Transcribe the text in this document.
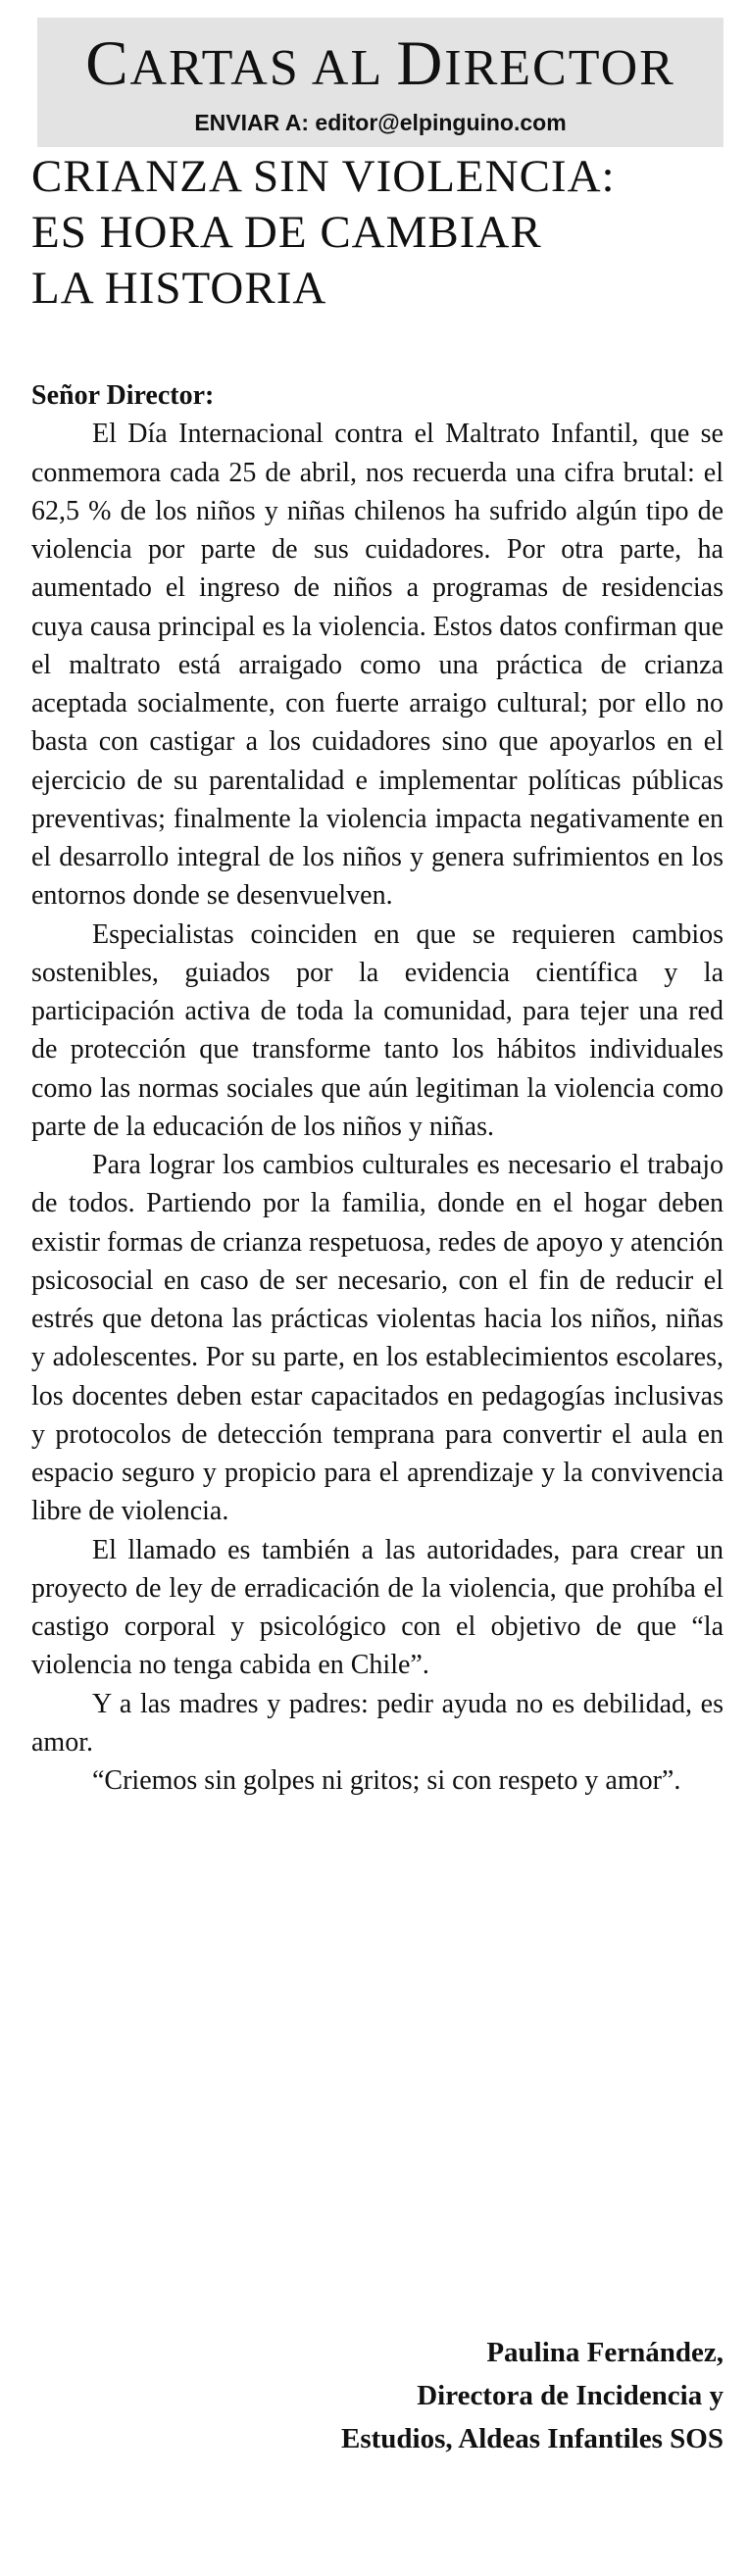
CARTAS AL DIRECTOR
ENVIAR A: editor@elpinguino.com
CRIANZA SIN VIOLENCIA:
ES HORA DE CAMBIAR
LA HISTORIA

Señor Director:

El Día Internacional contra el Maltrato Infantil, que se conmemora cada 25 de abril, nos recuerda una cifra brutal: el 62,5 % de los niños y niñas chilenos ha sufrido algún tipo de violencia por parte de sus cuidadores. Por otra parte, ha aumentado el ingreso de niños a programas de residencias cuya causa principal es la violencia. Estos datos confirman que el maltrato está arraigado como una práctica de crianza aceptada socialmente, con fuerte arraigo cultural; por ello no basta con castigar a los cuidadores sino que apoyarlos en el ejercicio de su parentalidad e implementar políticas públicas preventivas; finalmente la violencia impacta negativamente en el desarrollo integral de los niños y genera sufrimientos en los entornos donde se desenvuelven.

Especialistas coinciden en que se requieren cambios sostenibles, guiados por la evidencia científica y la participación activa de toda la comunidad, para tejer una red de protección que transforme tanto los hábitos individuales como las normas sociales que aún legitiman la violencia como parte de la educación de los niños y niñas.

Para lograr los cambios culturales es necesario el trabajo de todos. Partiendo por la familia, donde en el hogar deben existir formas de crianza respetuosa, redes de apoyo y atención psicosocial en caso de ser necesario, con el fin de reducir el estrés que detona las prácticas violentas hacia los niños, niñas y adolescentes. Por su parte, en los establecimientos escolares, los docentes deben estar capacitados en pedagogías inclusivas y protocolos de detección temprana para convertir el aula en espacio seguro y propicio para el aprendizaje y la convivencia libre de violencia.

El llamado es también a las autoridades, para crear un proyecto de ley de erradicación de la violencia, que prohíba el castigo corporal y psicológico con el objetivo de que “la violencia no tenga cabida en Chile”.

Y a las madres y padres: pedir ayuda no es debilidad, es amor.

“Criemos sin golpes ni gritos; si con respeto y amor”.

Paulina Fernández,
Directora de Incidencia y
Estudios, Aldeas Infantiles SOS
